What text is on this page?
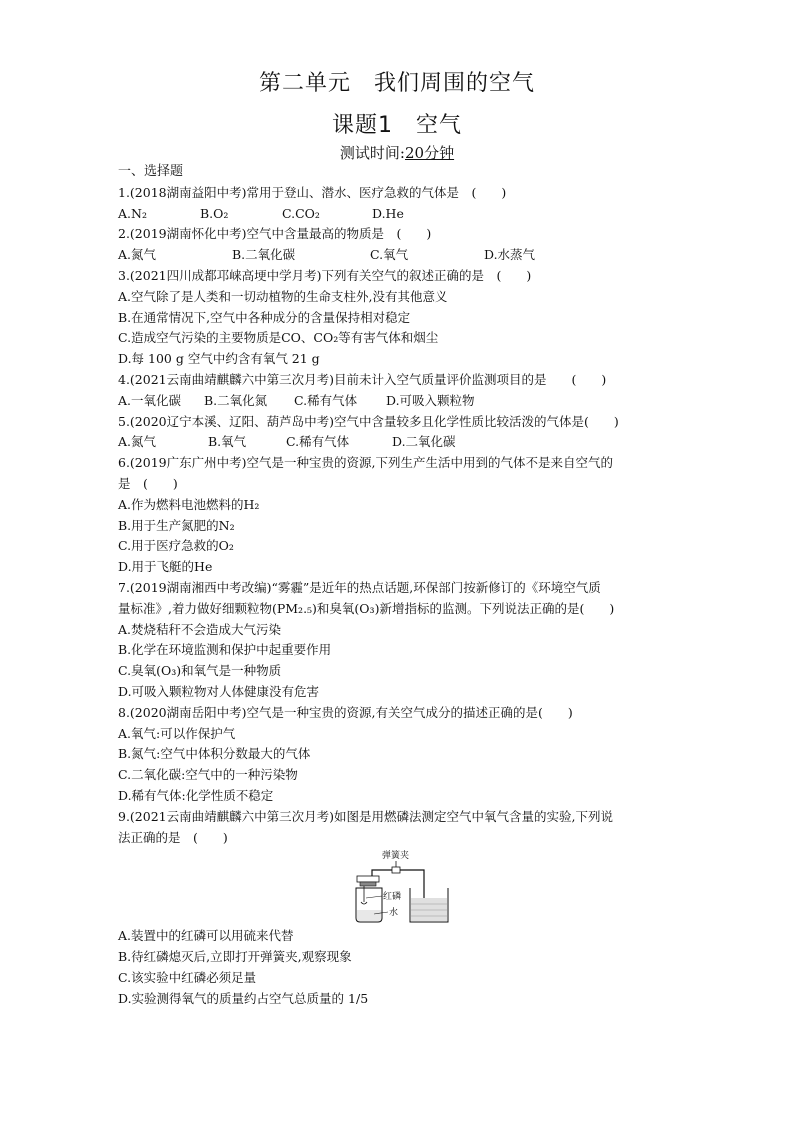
第二单元　我们周围的空气
课题1　空气
测试时间:20分钟
一、选择题
1.(2018湖南益阳中考)常用于登山、潜水、医疗急救的气体是　(　　)
A.N₂	B.O₂	C.CO₂	D.He
2.(2019湖南怀化中考)空气中含量最高的物质是　(　　)
A.氮气	B.二氧化碳	C.氧气	D.水蒸气
3.(2021四川成都邛崃高埂中学月考)下列有关空气的叙述正确的是　(　　)
A.空气除了是人类和一切动植物的生命支柱外,没有其他意义
B.在通常情况下,空气中各种成分的含量保持相对稳定
C.造成空气污染的主要物质是CO、CO₂等有害气体和烟尘
D.每 100 g 空气中约含有氧气 21 g
4.(2021云南曲靖麒麟六中第三次月考)目前未计入空气质量评价监测项目的是　　(　　)
A.一氧化碳	B.二氧化氮	C.稀有气体	D.可吸入颗粒物
5.(2020辽宁本溪、辽阳、葫芦岛中考)空气中含量较多且化学性质比较活泼的气体是(　　)
A.氮气	B.氧气	C.稀有气体	D.二氧化碳
6.(2019广东广州中考)空气是一种宝贵的资源,下列生产生活中用到的气体不是来自空气的
是　(　　)
A.作为燃料电池燃料的H₂
B.用于生产氮肥的N₂
C.用于医疗急救的O₂
D.用于飞艇的He
7.(2019湖南湘西中考改编)“雾霾”是近年的热点话题,环保部门按新修订的《环境空气质
量标准》,着力做好细颗粒物(PM₂.₅)和臭氧(O₃)新增指标的监测。下列说法正确的是(　　)
A.焚烧秸秆不会造成大气污染
B.化学在环境监测和保护中起重要作用
C.臭氧(O₃)和氧气是一种物质
D.可吸入颗粒物对人体健康没有危害
8.(2020湖南岳阳中考)空气是一种宝贵的资源,有关空气成分的描述正确的是(　　)
A.氧气:可以作保护气
B.氮气:空气中体积分数最大的气体
C.二氧化碳:空气中的一种污染物
D.稀有气体:化学性质不稳定
9.(2021云南曲靖麒麟六中第三次月考)如图是用燃磷法测定空气中氧气含量的实验,下列说
法正确的是　(　　)
弹簧夹
红磷
水
A.装置中的红磷可以用硫来代替
B.待红磷熄灭后,立即打开弹簧夹,观察现象
C.该实验中红磷必须足量
D.实验测得氧气的质量约占空气总质量的 1/5
